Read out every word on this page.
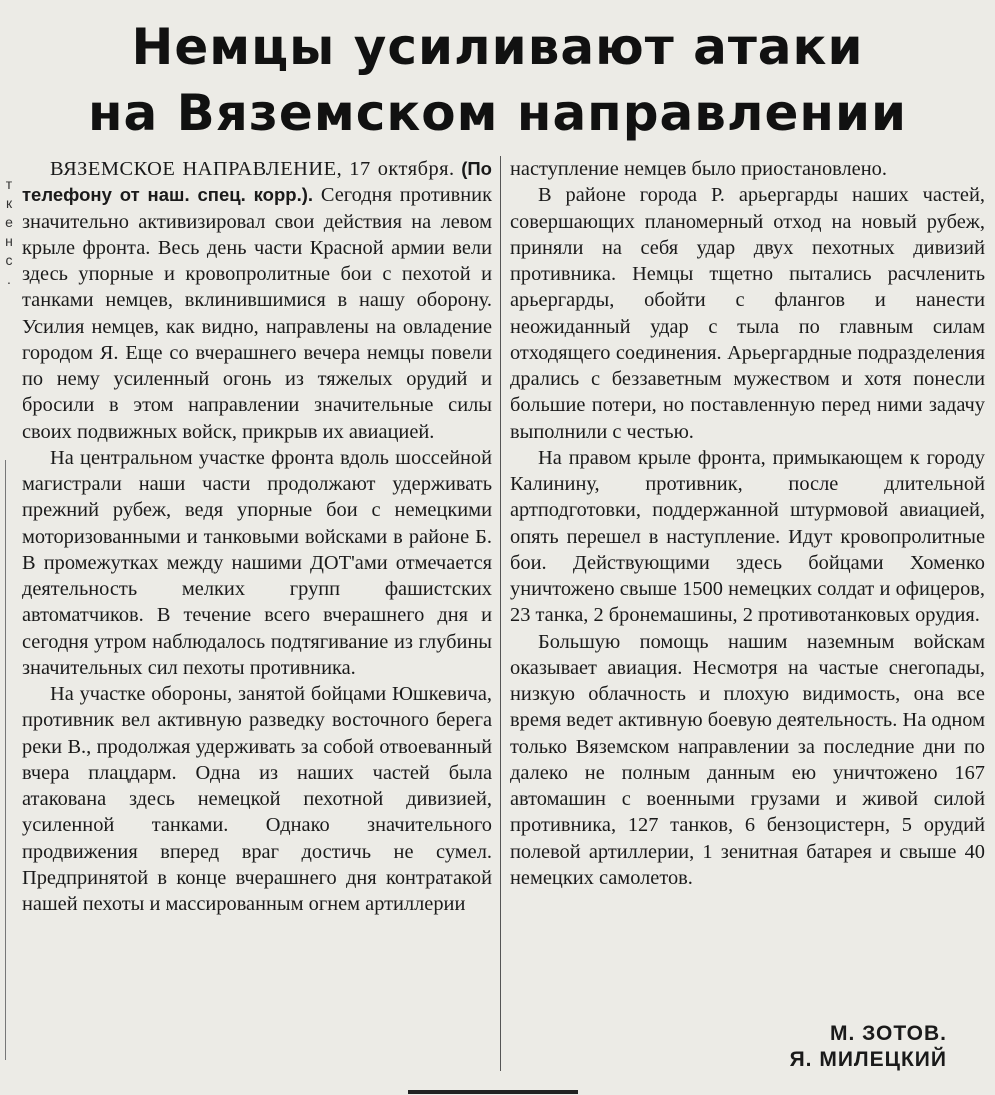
Немцы усиливают атаки
на Вяземском направлении
т
к
е
н
с
.

ВЯЗЕМСКОЕ НАПРАВЛЕНИЕ, 17 октября. (По телефону от наш. спец. корр.). Сегодня противник значительно активизировал свои действия на левом крыле фронта. Весь день части Красной армии вели здесь упорные и кровопролитные бои с пехотой и танками немцев, вклинившимися в нашу оборону. Усилия немцев, как видно, направлены на овладение городом Я. Еще со вчерашнего вечера немцы повели по нему усиленный огонь из тяжелых орудий и бросили в этом направлении значительные силы своих подвижных войск, прикрыв их авиацией.

На центральном участке фронта вдоль шоссейной магистрали наши части продолжают удерживать прежний рубеж, ведя упорные бои с немецкими моторизованными и танковыми войсками в районе Б. В промежутках между нашими ДОТ'ами отмечается деятельность мелких групп фашистских автоматчиков. В течение всего вчерашнего дня и сегодня утром наблюдалось подтягивание из глубины значительных сил пехоты противника.

На участке обороны, занятой бойцами Юшкевича, противник вел активную разведку восточного берега реки В., продолжая удерживать за собой отвоеванный вчера плацдарм. Одна из наших частей была атакована здесь немецкой пехотной дивизией, усиленной танками. Однако значительного продвижения вперед враг достичь не сумел. Предпринятой в конце вчерашнего дня контратакой нашей пехоты и массированным огнем артиллерии

наступление немцев было приостановлено.

В районе города Р. арьергарды наших частей, совершающих планомерный отход на новый рубеж, приняли на себя удар двух пехотных дивизий противника. Немцы тщетно пытались расчленить арьергарды, обойти с флангов и нанести неожиданный удар с тыла по главным силам отходящего соединения. Арьергардные подразделения дрались с беззаветным мужеством и хотя понесли большие потери, но поставленную перед ними задачу выполнили с честью.

На правом крыле фронта, примыкающем к городу Калинину, противник, после длительной артподготовки, поддержанной штурмовой авиацией, опять перешел в наступление. Идут кровопролитные бои. Действующими здесь бойцами Хоменко уничтожено свыше 1500 немецких солдат и офицеров, 23 танка, 2 бронемашины, 2 противотанковых орудия.

Большую помощь нашим наземным войскам оказывает авиация. Несмотря на частые снегопады, низкую облачность и плохую видимость, она все время ведет активную боевую деятельность. На одном только Вяземском направлении за последние дни по далеко не полным данным ею уничтожено 167 автомашин с военными грузами и живой силой противника, 127 танков, 6 бензоцистерн, 5 орудий полевой артиллерии, 1 зенитная батарея и свыше 40 немецких самолетов.

М. ЗОТОВ.
Я. МИЛЕЦКИЙ
